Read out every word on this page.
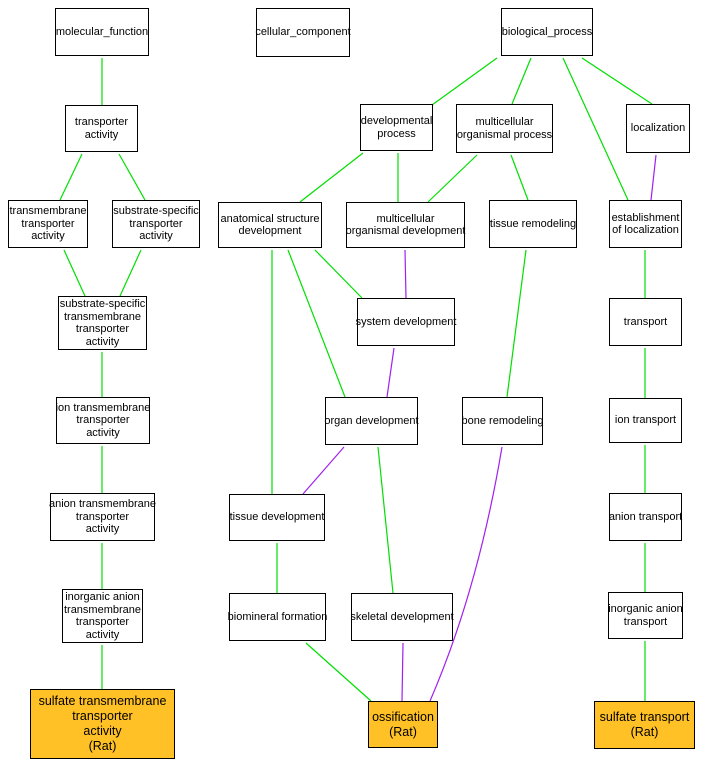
molecular_function	cellular_component	biological_process
transporter
activity
developmental
process
multicellular
organismal process
localization
transmembrane
transporter
activity
substrate-specific
transporter
activity
anatomical structure
development
multicellular
organismal development
tissue remodeling
establishment
of localization
substrate-specific
transmembrane
transporter
activity
system development	transport
ion transmembrane
transporter
activity
organ development	bone remodeling	ion transport
anion transmembrane
transporter
activity
tissue development	anion transport
inorganic anion
transmembrane
transporter
activity
biomineral formation skeletal development
inorganic anion
transport
sulfate transmembrane
transporter
activity
(Rat)
ossification
(Rat)
sulfate transport
(Rat)
